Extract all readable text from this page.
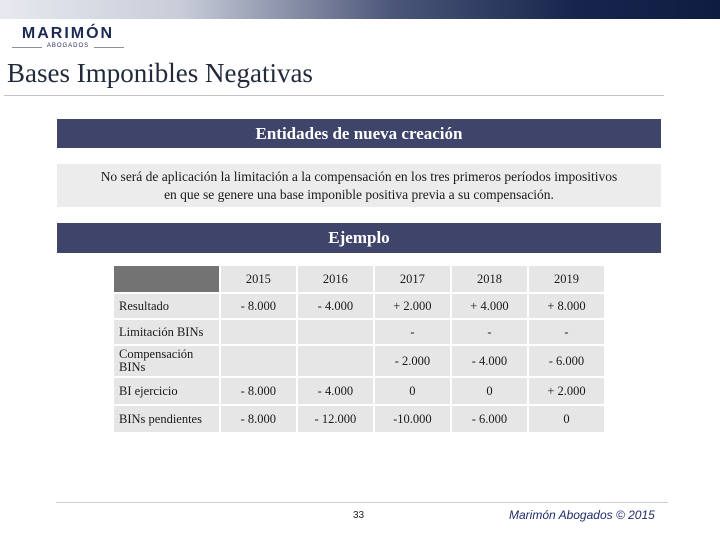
MARIMÓN
ABOGADOS
Bases Imponibles Negativas
Entidades de nueva creación
No será de aplicación la limitación a la compensación en los tres primeros períodos impositivos
en que se genere una base imponible positiva previa a su compensación.
Ejemplo
	2015	2016	2017	2018	2019
Resultado	- 8.000	- 4.000	+ 2.000	+ 4.000	+ 8.000
Limitación BINs			-	-	-
Compensación BINs			- 2.000	- 4.000	- 6.000
BI ejercicio	- 8.000	- 4.000	0	0	+ 2.000
BINs pendientes	- 8.000	- 12.000	-10.000	- 6.000	0
33	Marimón Abogados © 2015
